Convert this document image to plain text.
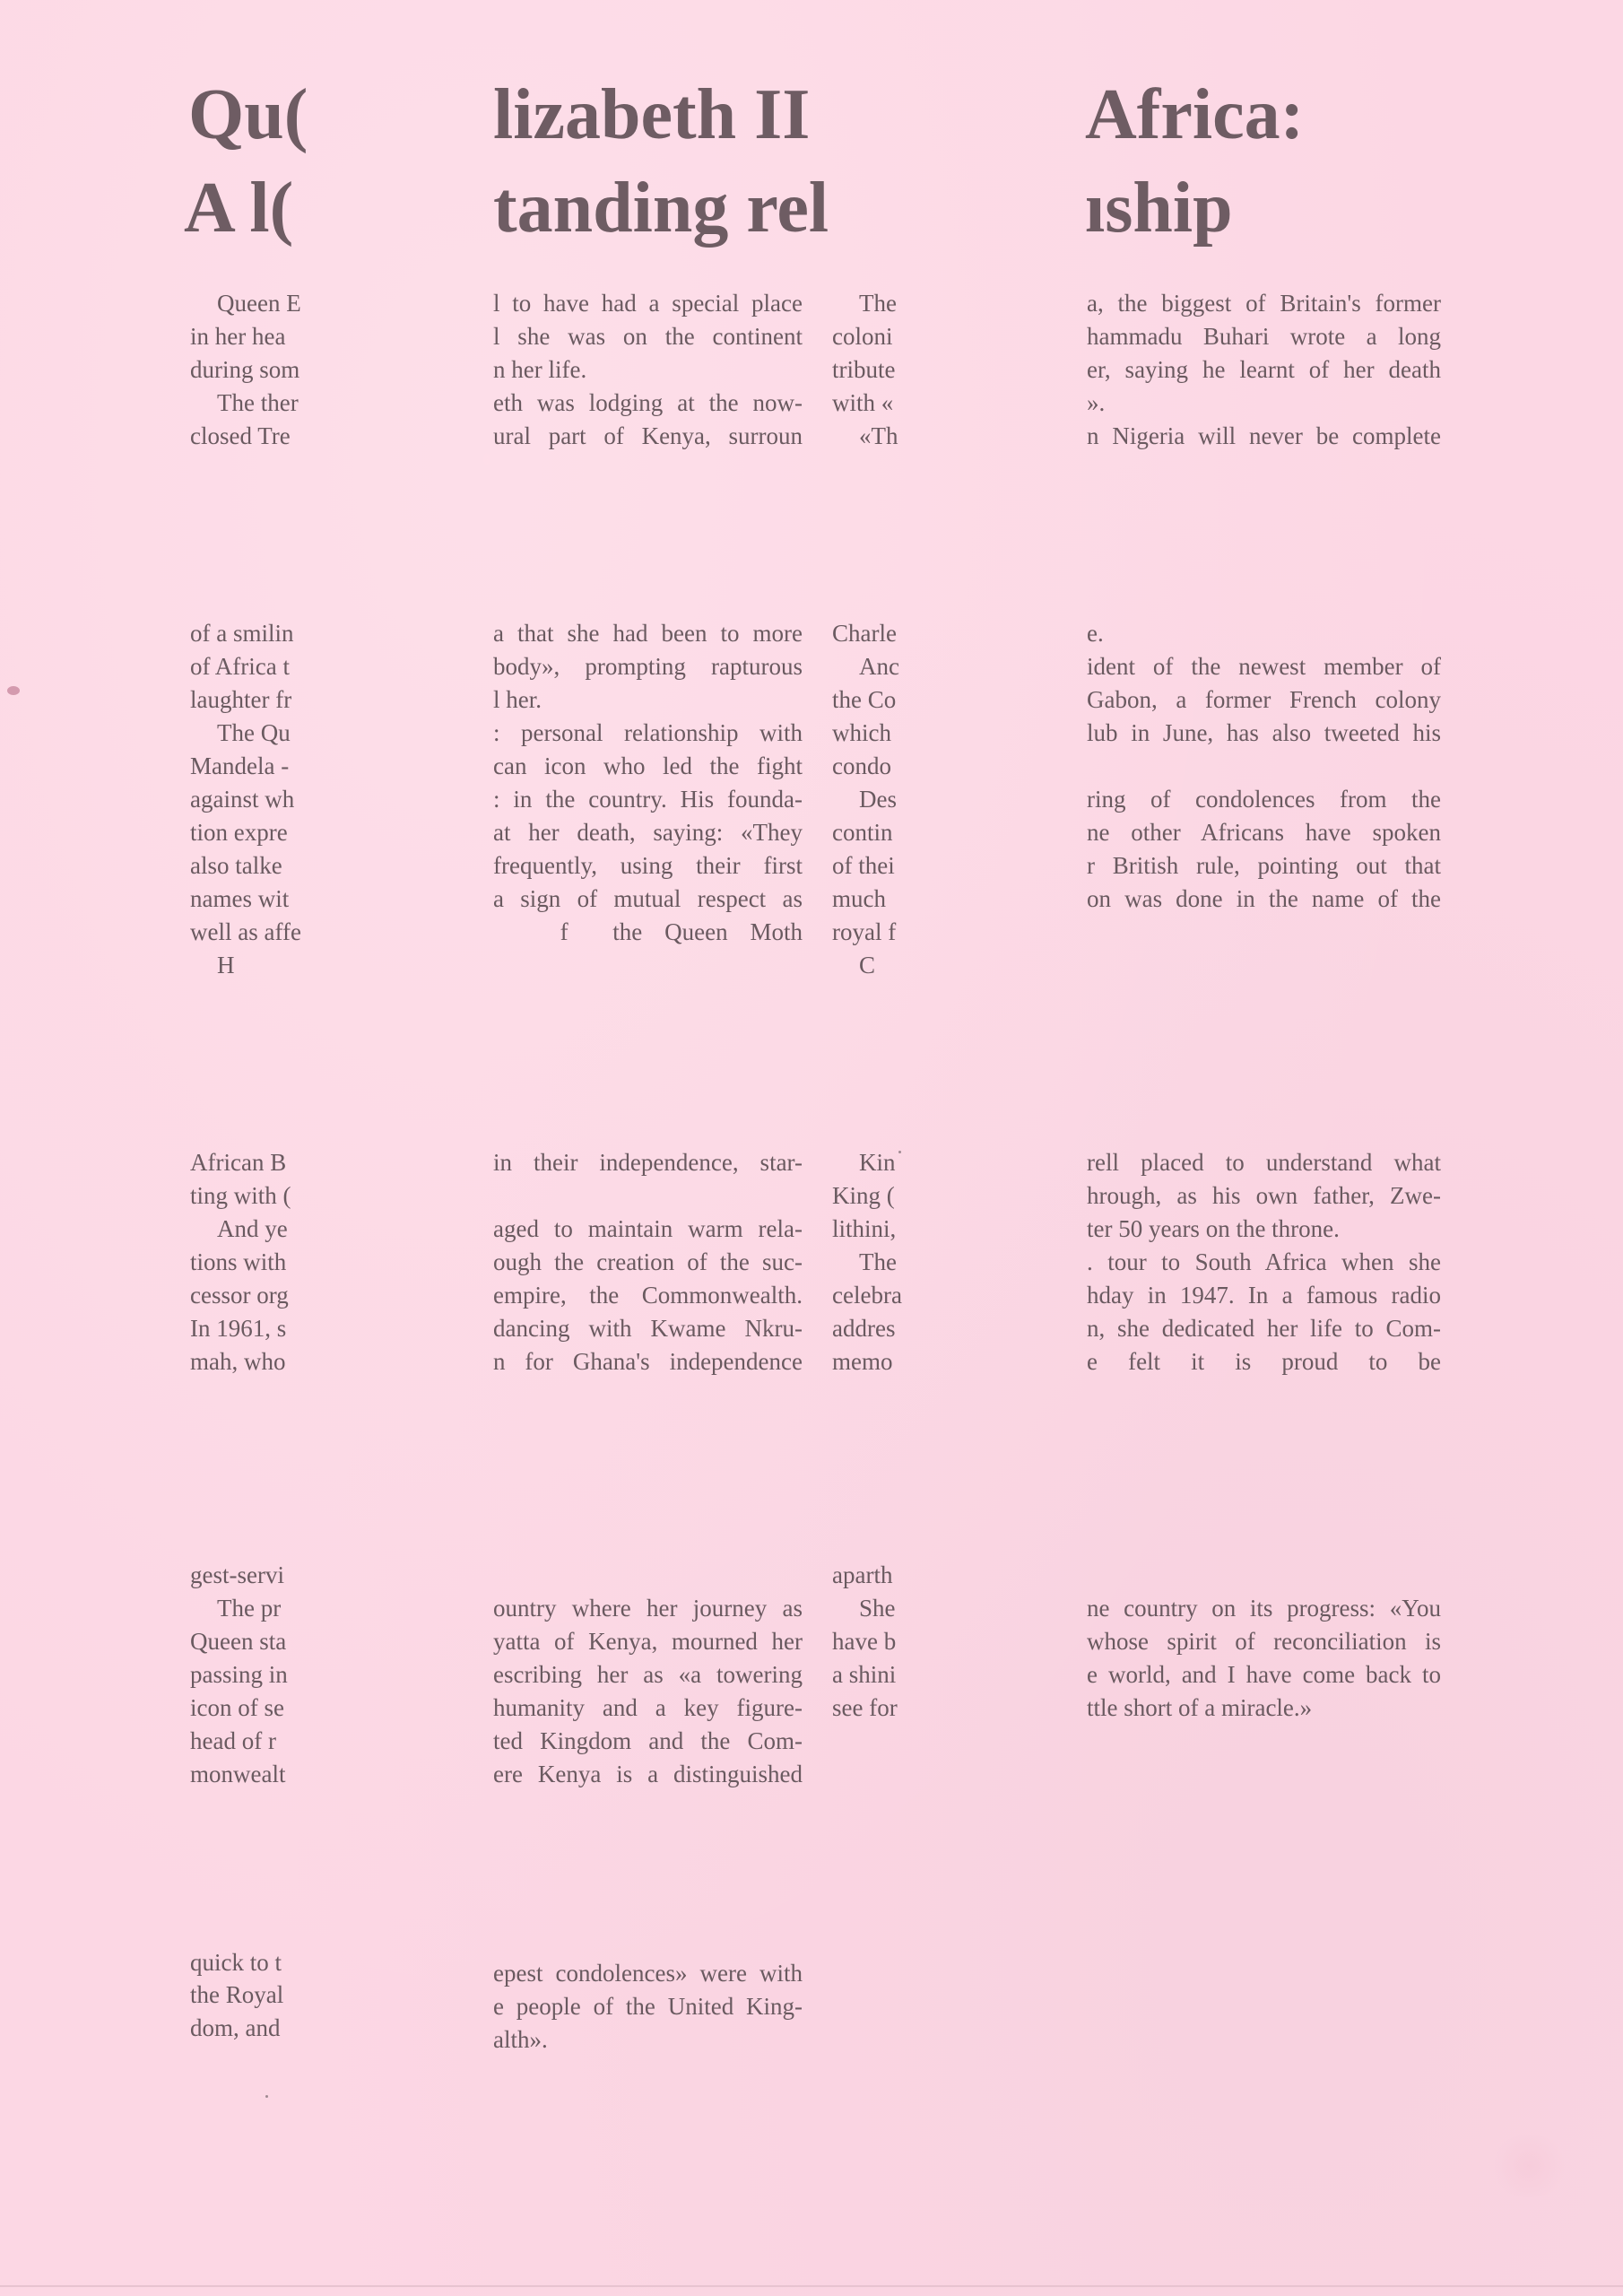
Qu(	lizabeth II	Africa:
A l(	tanding rel	ıship
Queen E
in her hea
during som
The ther
closed Tre
l to have had a special place
l she was on the continent
n her life.
eth was lodging at the now-
ural part of Kenya, surroun
The
coloni
tribute
with «
«Th
a, the biggest of Britain's former
hammadu Buhari wrote a long
er, saying he learnt of her death
».
n Nigeria will never be complete
of a smilin
of Africa t
laughter fr
The Qu
Mandela -
against wh
tion expre
also talke
names wit
well as affe
H
a that she had been to more
body», prompting rapturous
l her.
: personal relationship with
can icon who led the fight
: in the country. His founda-
at her death, saying: «They
frequently, using their first
a sign of mutual respect as
f    the  Queen  Moth
Charle
Anc
the Co
which
condo
Des
contin
of thei
much
royal f
C
e.
ident of the newest member of
Gabon, a former French colony
lub in June, has also tweeted his
ring of condolences from the
ne other Africans have spoken
r British rule, pointing out that
on was done in the name of the
African B
ting with (
And ye
tions with
cessor org
In 1961, s
mah, who
in their independence, star-
aged to maintain warm rela-
ough the creation of the suc-
empire, the Commonwealth.
dancing with Kwame Nkru-
n for Ghana's independence
Kin
King (
lithini,
The
celebra
addres
memo
rell placed to understand what
hrough, as his own father, Zwe-
ter 50 years on the throne.
. tour to South Africa when she
hday in 1947. In a famous radio
n, she dedicated her life to Com-
e felt it is proud to be
gest-servi
The pr
Queen sta
passing in
icon of se
head of r
monwealt
ountry where her journey as
yatta of Kenya, mourned her
escribing her as «a towering
humanity and a key figure-
ted Kingdom and the Com-
ere Kenya is a distinguished
aparth
She
have b
a shini
see for
ne country on its progress: «You
whose spirit of reconciliation is
e world, and I have come back to
ttle short of a miracle.»
quick to t
the Royal
dom, and
epest condolences» were with
e people of the United King-
alth».
